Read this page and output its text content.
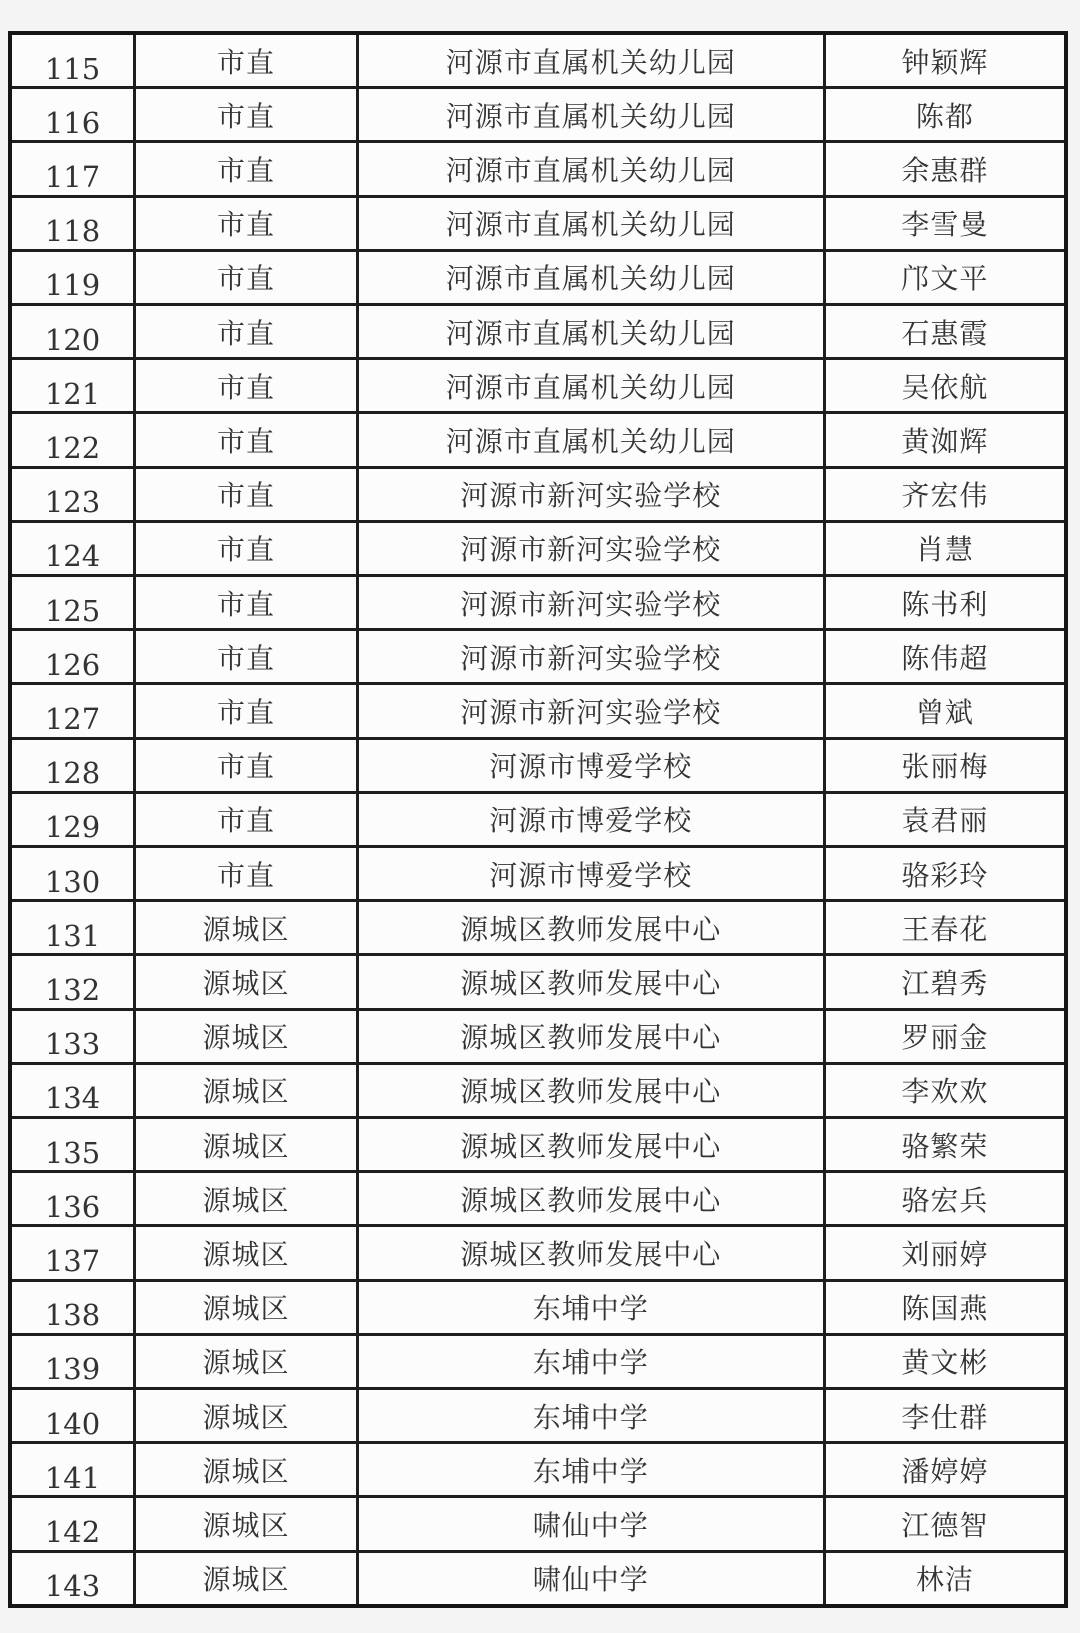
115	市直	河源市直属机关幼儿园	钟颖辉
116	市直	河源市直属机关幼儿园	陈都
117	市直	河源市直属机关幼儿园	余惠群
118	市直	河源市直属机关幼儿园	李雪曼
119	市直	河源市直属机关幼儿园	邝文平
120	市直	河源市直属机关幼儿园	石惠霞
121	市直	河源市直属机关幼儿园	吴依航
122	市直	河源市直属机关幼儿园	黄洳辉
123	市直	河源市新河实验学校	齐宏伟
124	市直	河源市新河实验学校	肖慧
125	市直	河源市新河实验学校	陈书利
126	市直	河源市新河实验学校	陈伟超
127	市直	河源市新河实验学校	曾斌
128	市直	河源市博爱学校	张丽梅
129	市直	河源市博爱学校	袁君丽
130	市直	河源市博爱学校	骆彩玲
131	源城区	源城区教师发展中心	王春花
132	源城区	源城区教师发展中心	江碧秀
133	源城区	源城区教师发展中心	罗丽金
134	源城区	源城区教师发展中心	李欢欢
135	源城区	源城区教师发展中心	骆繁荣
136	源城区	源城区教师发展中心	骆宏兵
137	源城区	源城区教师发展中心	刘丽婷
138	源城区	东埔中学	陈国燕
139	源城区	东埔中学	黄文彬
140	源城区	东埔中学	李仕群
141	源城区	东埔中学	潘婷婷
142	源城区	啸仙中学	江德智
143	源城区	啸仙中学	林洁
